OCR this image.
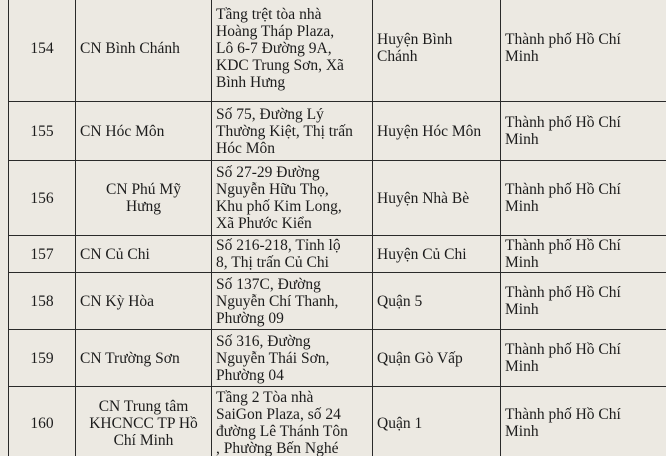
154	CN Bình Chánh	Tầng trệt tòa nhà
Hoàng Tháp Plaza,
Lô 6-7 Đường 9A,
KDC Trung Sơn, Xã
Bình Hưng	Huyện Bình
Chánh	Thành phố Hồ Chí
Minh

155	CN Hóc Môn	Số 75, Đường Lý
Thường Kiệt, Thị trấn
Hóc Môn	Huyện Hóc Môn	Thành phố Hồ Chí
Minh

156	CN Phú Mỹ
Hưng	Số 27-29 Đường
Nguyễn Hữu Thọ,
Khu phố Kim Long,
Xã Phước Kiển	Huyện Nhà Bè	Thành phố Hồ Chí
Minh

157	CN Củ Chi	Số 216-218, Tỉnh lộ
8, Thị trấn Củ Chi	Huyện Củ Chi	Thành phố Hồ Chí
Minh

158	CN Kỳ Hòa	Số 137C, Đường
Nguyễn Chí Thanh,
Phường 09	Quận 5	Thành phố Hồ Chí
Minh

159	CN Trường Sơn	Số 316, Đường
Nguyễn Thái Sơn,
Phường 04	Quận Gò Vấp	Thành phố Hồ Chí
Minh

160	CN Trung tâm
KHCNCC TP Hồ
Chí Minh	Tầng 2 Tòa nhà
SaiGon Plaza, số 24
đường Lê Thánh Tôn
, Phường Bến Nghé	Quận 1	Thành phố Hồ Chí
Minh
